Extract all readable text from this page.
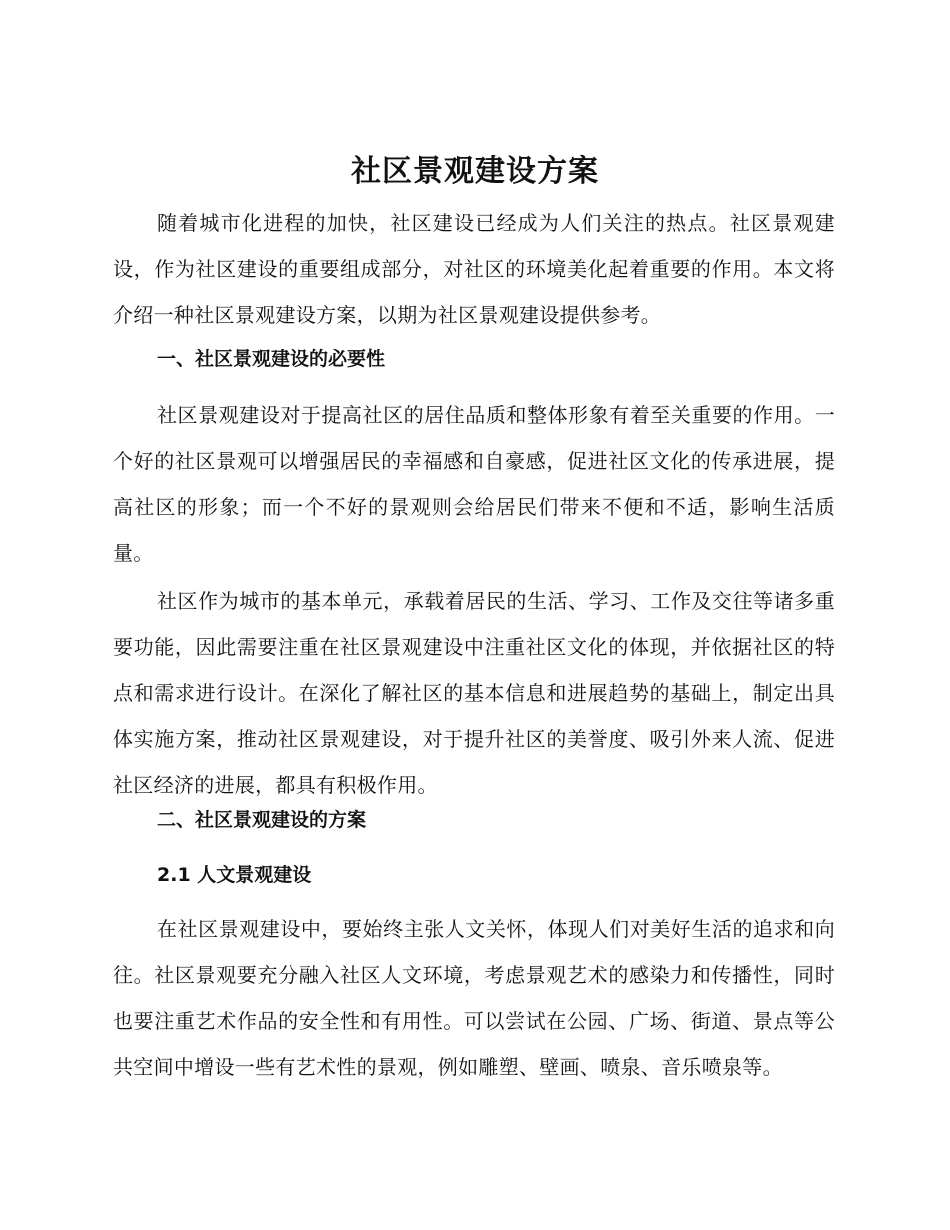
社区景观建设方案

随着城市化进程的加快，社区建设已经成为人们关注的热点。社区景观建设，作为社区建设的重要组成部分，对社区的环境美化起着重要的作用。本文将介绍一种社区景观建设方案，以期为社区景观建设提供参考。

一、社区景观建设的必要性

社区景观建设对于提高社区的居住品质和整体形象有着至关重要的作用。一个好的社区景观可以增强居民的幸福感和自豪感，促进社区文化的传承进展，提高社区的形象；而一个不好的景观则会给居民们带来不便和不适，影响生活质量。

社区作为城市的基本单元，承载着居民的生活、学习、工作及交往等诸多重要功能，因此需要注重在社区景观建设中注重社区文化的体现，并依据社区的特点和需求进行设计。在深化了解社区的基本信息和进展趋势的基础上，制定出具体实施方案，推动社区景观建设，对于提升社区的美誉度、吸引外来人流、促进社区经济的进展，都具有积极作用。

二、社区景观建设的方案
2.1 人文景观建设

在社区景观建设中，要始终主张人文关怀，体现人们对美好生活的追求和向往。社区景观要充分融入社区人文环境，考虑景观艺术的感染力和传播性，同时也要注重艺术作品的安全性和有用性。可以尝试在公园、广场、街道、景点等公共空间中增设一些有艺术性的景观，例如雕塑、壁画、喷泉、音乐喷泉等。
